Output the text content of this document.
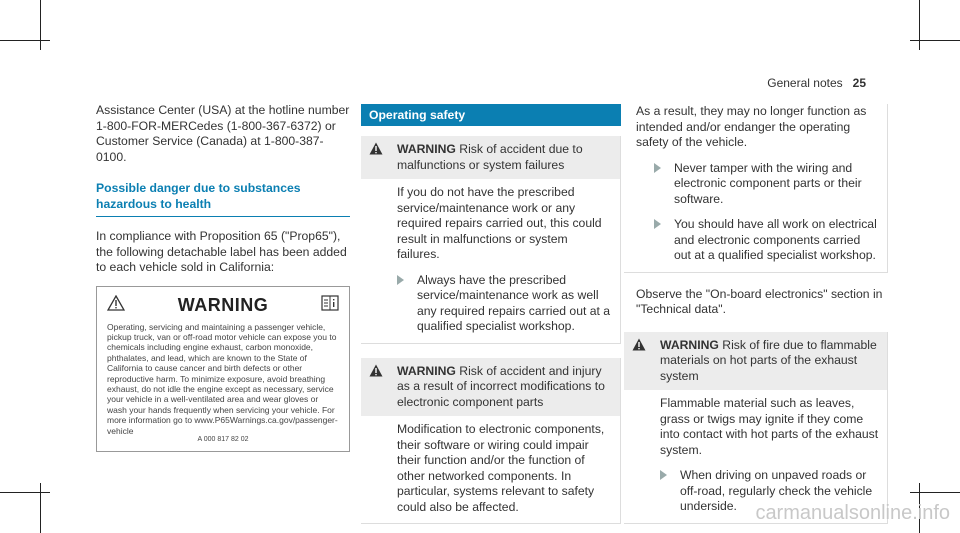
General notes 25
Assistance Center (USA) at the hotline number 1-800-FOR-MERCedes (1-800-367-6372) or Customer Service (Canada) at 1-800-387-0100.
Possible danger due to substances hazardous to health
In compliance with Proposition 65 ("Prop65"), the following detachable label has been added to each vehicle sold in California:
WARNING
Operating, servicing and maintaining a passenger vehicle, pickup truck, van or off-road motor vehicle can expose you to chemicals including engine exhaust, carbon monoxide, phthalates, and lead, which are known to the State of California to cause cancer and birth defects or other reproductive harm. To minimize exposure, avoid breathing exhaust, do not idle the engine except as necessary, service your vehicle in a well-ventilated area and wear gloves or wash your hands frequently when servicing your vehicle. For more information go to www.P65Warnings.ca.gov/passenger-vehicle
A 000 817 82 02
Operating safety
WARNING Risk of accident due to malfunctions or system failures
If you do not have the prescribed service/maintenance work or any required repairs carried out, this could result in malfunctions or system failures.
Always have the prescribed service/maintenance work as well any required repairs carried out at a qualified specialist workshop.
WARNING Risk of accident and injury as a result of incorrect modifications to electronic component parts
Modification to electronic components, their software or wiring could impair their function and/or the function of other networked components. In particular, systems relevant to safety could also be affected.
As a result, they may no longer function as intended and/or endanger the operating safety of the vehicle.
Never tamper with the wiring and electronic component parts or their software.
You should have all work on electrical and electronic components carried out at a qualified specialist workshop.
Observe the "On-board electronics" section in "Technical data".
WARNING Risk of fire due to flammable materials on hot parts of the exhaust system
Flammable material such as leaves, grass or twigs may ignite if they come into contact with hot parts of the exhaust system.
When driving on unpaved roads or off-road, regularly check the vehicle underside. carmanualsonline.info
